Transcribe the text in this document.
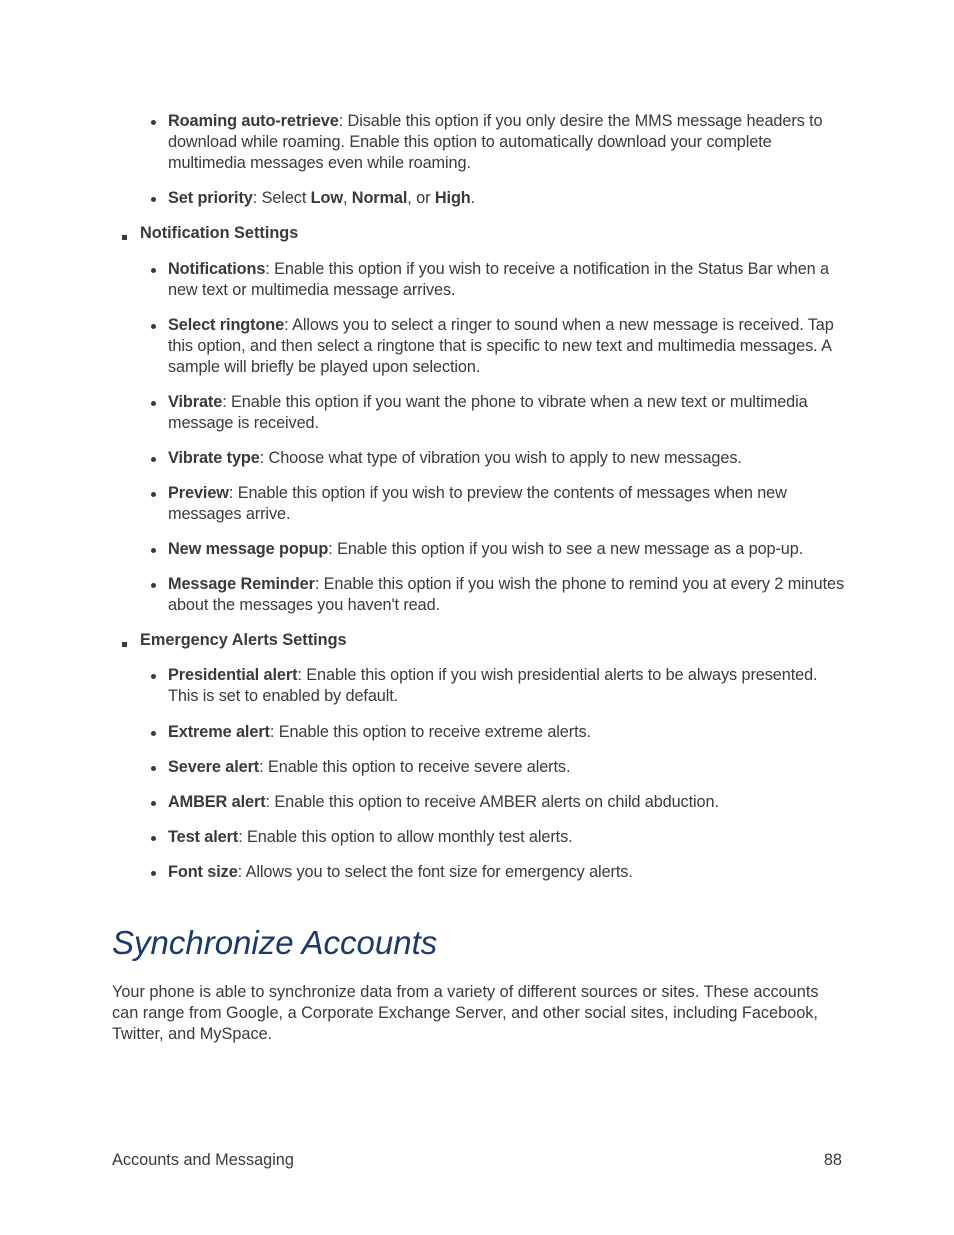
Roaming auto-retrieve: Disable this option if you only desire the MMS message headers to download while roaming. Enable this option to automatically download your complete multimedia messages even while roaming.
Set priority: Select Low, Normal, or High.
Notification Settings
Notifications: Enable this option if you wish to receive a notification in the Status Bar when a new text or multimedia message arrives.
Select ringtone: Allows you to select a ringer to sound when a new message is received. Tap this option, and then select a ringtone that is specific to new text and multimedia messages. A sample will briefly be played upon selection.
Vibrate: Enable this option if you want the phone to vibrate when a new text or multimedia message is received.
Vibrate type: Choose what type of vibration you wish to apply to new messages.
Preview: Enable this option if you wish to preview the contents of messages when new messages arrive.
New message popup: Enable this option if you wish to see a new message as a pop-up.
Message Reminder: Enable this option if you wish the phone to remind you at every 2 minutes about the messages you haven't read.
Emergency Alerts Settings
Presidential alert: Enable this option if you wish presidential alerts to be always presented. This is set to enabled by default.
Extreme alert: Enable this option to receive extreme alerts.
Severe alert: Enable this option to receive severe alerts.
AMBER alert: Enable this option to receive AMBER alerts on child abduction.
Test alert: Enable this option to allow monthly test alerts.
Font size: Allows you to select the font size for emergency alerts.
Synchronize Accounts

Your phone is able to synchronize data from a variety of different sources or sites. These accounts can range from Google, a Corporate Exchange Server, and other social sites, including Facebook, Twitter, and MySpace.

Accounts and Messaging	88
